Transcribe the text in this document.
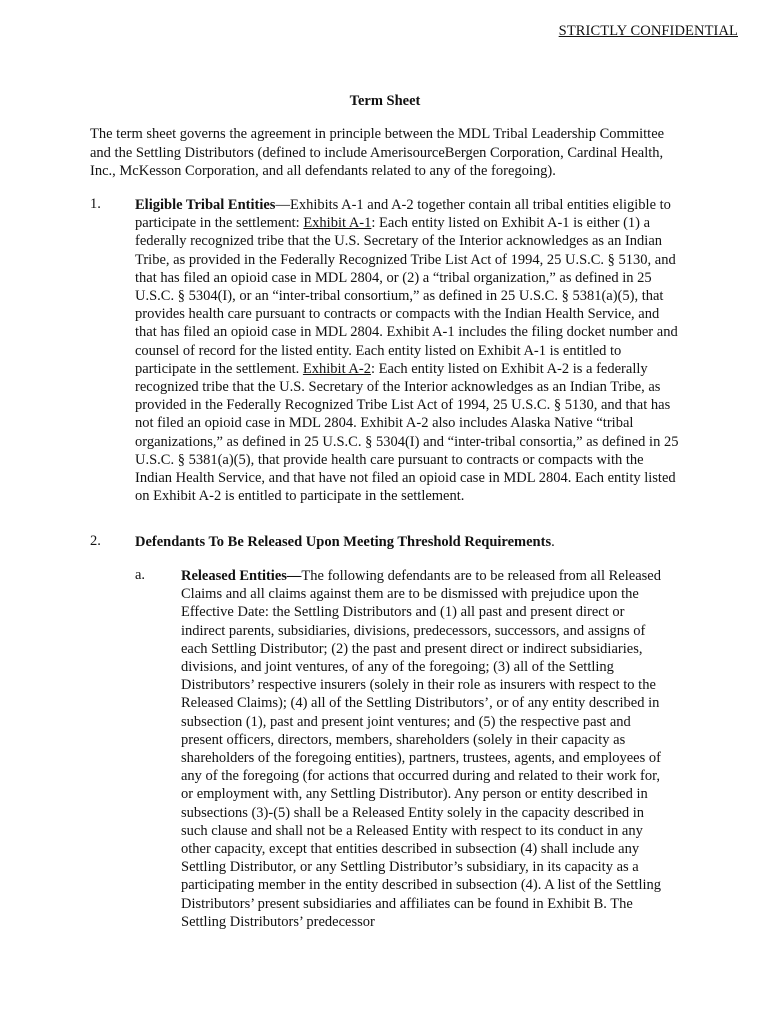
STRICTLY CONFIDENTIAL
Term Sheet
The term sheet governs the agreement in principle between the MDL Tribal Leadership Committee and the Settling Distributors (defined to include AmerisourceBergen Corporation, Cardinal Health, Inc., McKesson Corporation, and all defendants related to any of the foregoing).
1. Eligible Tribal Entities—Exhibits A-1 and A-2 together contain all tribal entities eligible to participate in the settlement: Exhibit A-1: Each entity listed on Exhibit A-1 is either (1) a federally recognized tribe that the U.S. Secretary of the Interior acknowledges as an Indian Tribe, as provided in the Federally Recognized Tribe List Act of 1994, 25 U.S.C. § 5130, and that has filed an opioid case in MDL 2804, or (2) a “tribal organization,” as defined in 25 U.S.C. § 5304(I), or an “inter-tribal consortium,” as defined in 25 U.S.C. § 5381(a)(5), that provides health care pursuant to contracts or compacts with the Indian Health Service, and that has filed an opioid case in MDL 2804. Exhibit A-1 includes the filing docket number and counsel of record for the listed entity. Each entity listed on Exhibit A-1 is entitled to participate in the settlement. Exhibit A-2: Each entity listed on Exhibit A-2 is a federally recognized tribe that the U.S. Secretary of the Interior acknowledges as an Indian Tribe, as provided in the Federally Recognized Tribe List Act of 1994, 25 U.S.C. § 5130, and that has not filed an opioid case in MDL 2804. Exhibit A-2 also includes Alaska Native “tribal organizations,” as defined in 25 U.S.C. § 5304(I) and “inter-tribal consortia,” as defined in 25 U.S.C. § 5381(a)(5), that provide health care pursuant to contracts or compacts with the Indian Health Service, and that have not filed an opioid case in MDL 2804. Each entity listed on Exhibit A-2 is entitled to participate in the settlement.
2. Defendants To Be Released Upon Meeting Threshold Requirements.
a. Released Entities—The following defendants are to be released from all Released Claims and all claims against them are to be dismissed with prejudice upon the Effective Date: the Settling Distributors and (1) all past and present direct or indirect parents, subsidiaries, divisions, predecessors, successors, and assigns of each Settling Distributor; (2) the past and present direct or indirect subsidiaries, divisions, and joint ventures, of any of the foregoing; (3) all of the Settling Distributors’ respective insurers (solely in their role as insurers with respect to the Released Claims); (4) all of the Settling Distributors’, or of any entity described in subsection (1), past and present joint ventures; and (5) the respective past and present officers, directors, members, shareholders (solely in their capacity as shareholders of the foregoing entities), partners, trustees, agents, and employees of any of the foregoing (for actions that occurred during and related to their work for, or employment with, any Settling Distributor). Any person or entity described in subsections (3)-(5) shall be a Released Entity solely in the capacity described in such clause and shall not be a Released Entity with respect to its conduct in any other capacity, except that entities described in subsection (4) shall include any Settling Distributor, or any Settling Distributor’s subsidiary, in its capacity as a participating member in the entity described in subsection (4). A list of the Settling Distributors’ present subsidiaries and affiliates can be found in Exhibit B. The Settling Distributors’ predecessor
